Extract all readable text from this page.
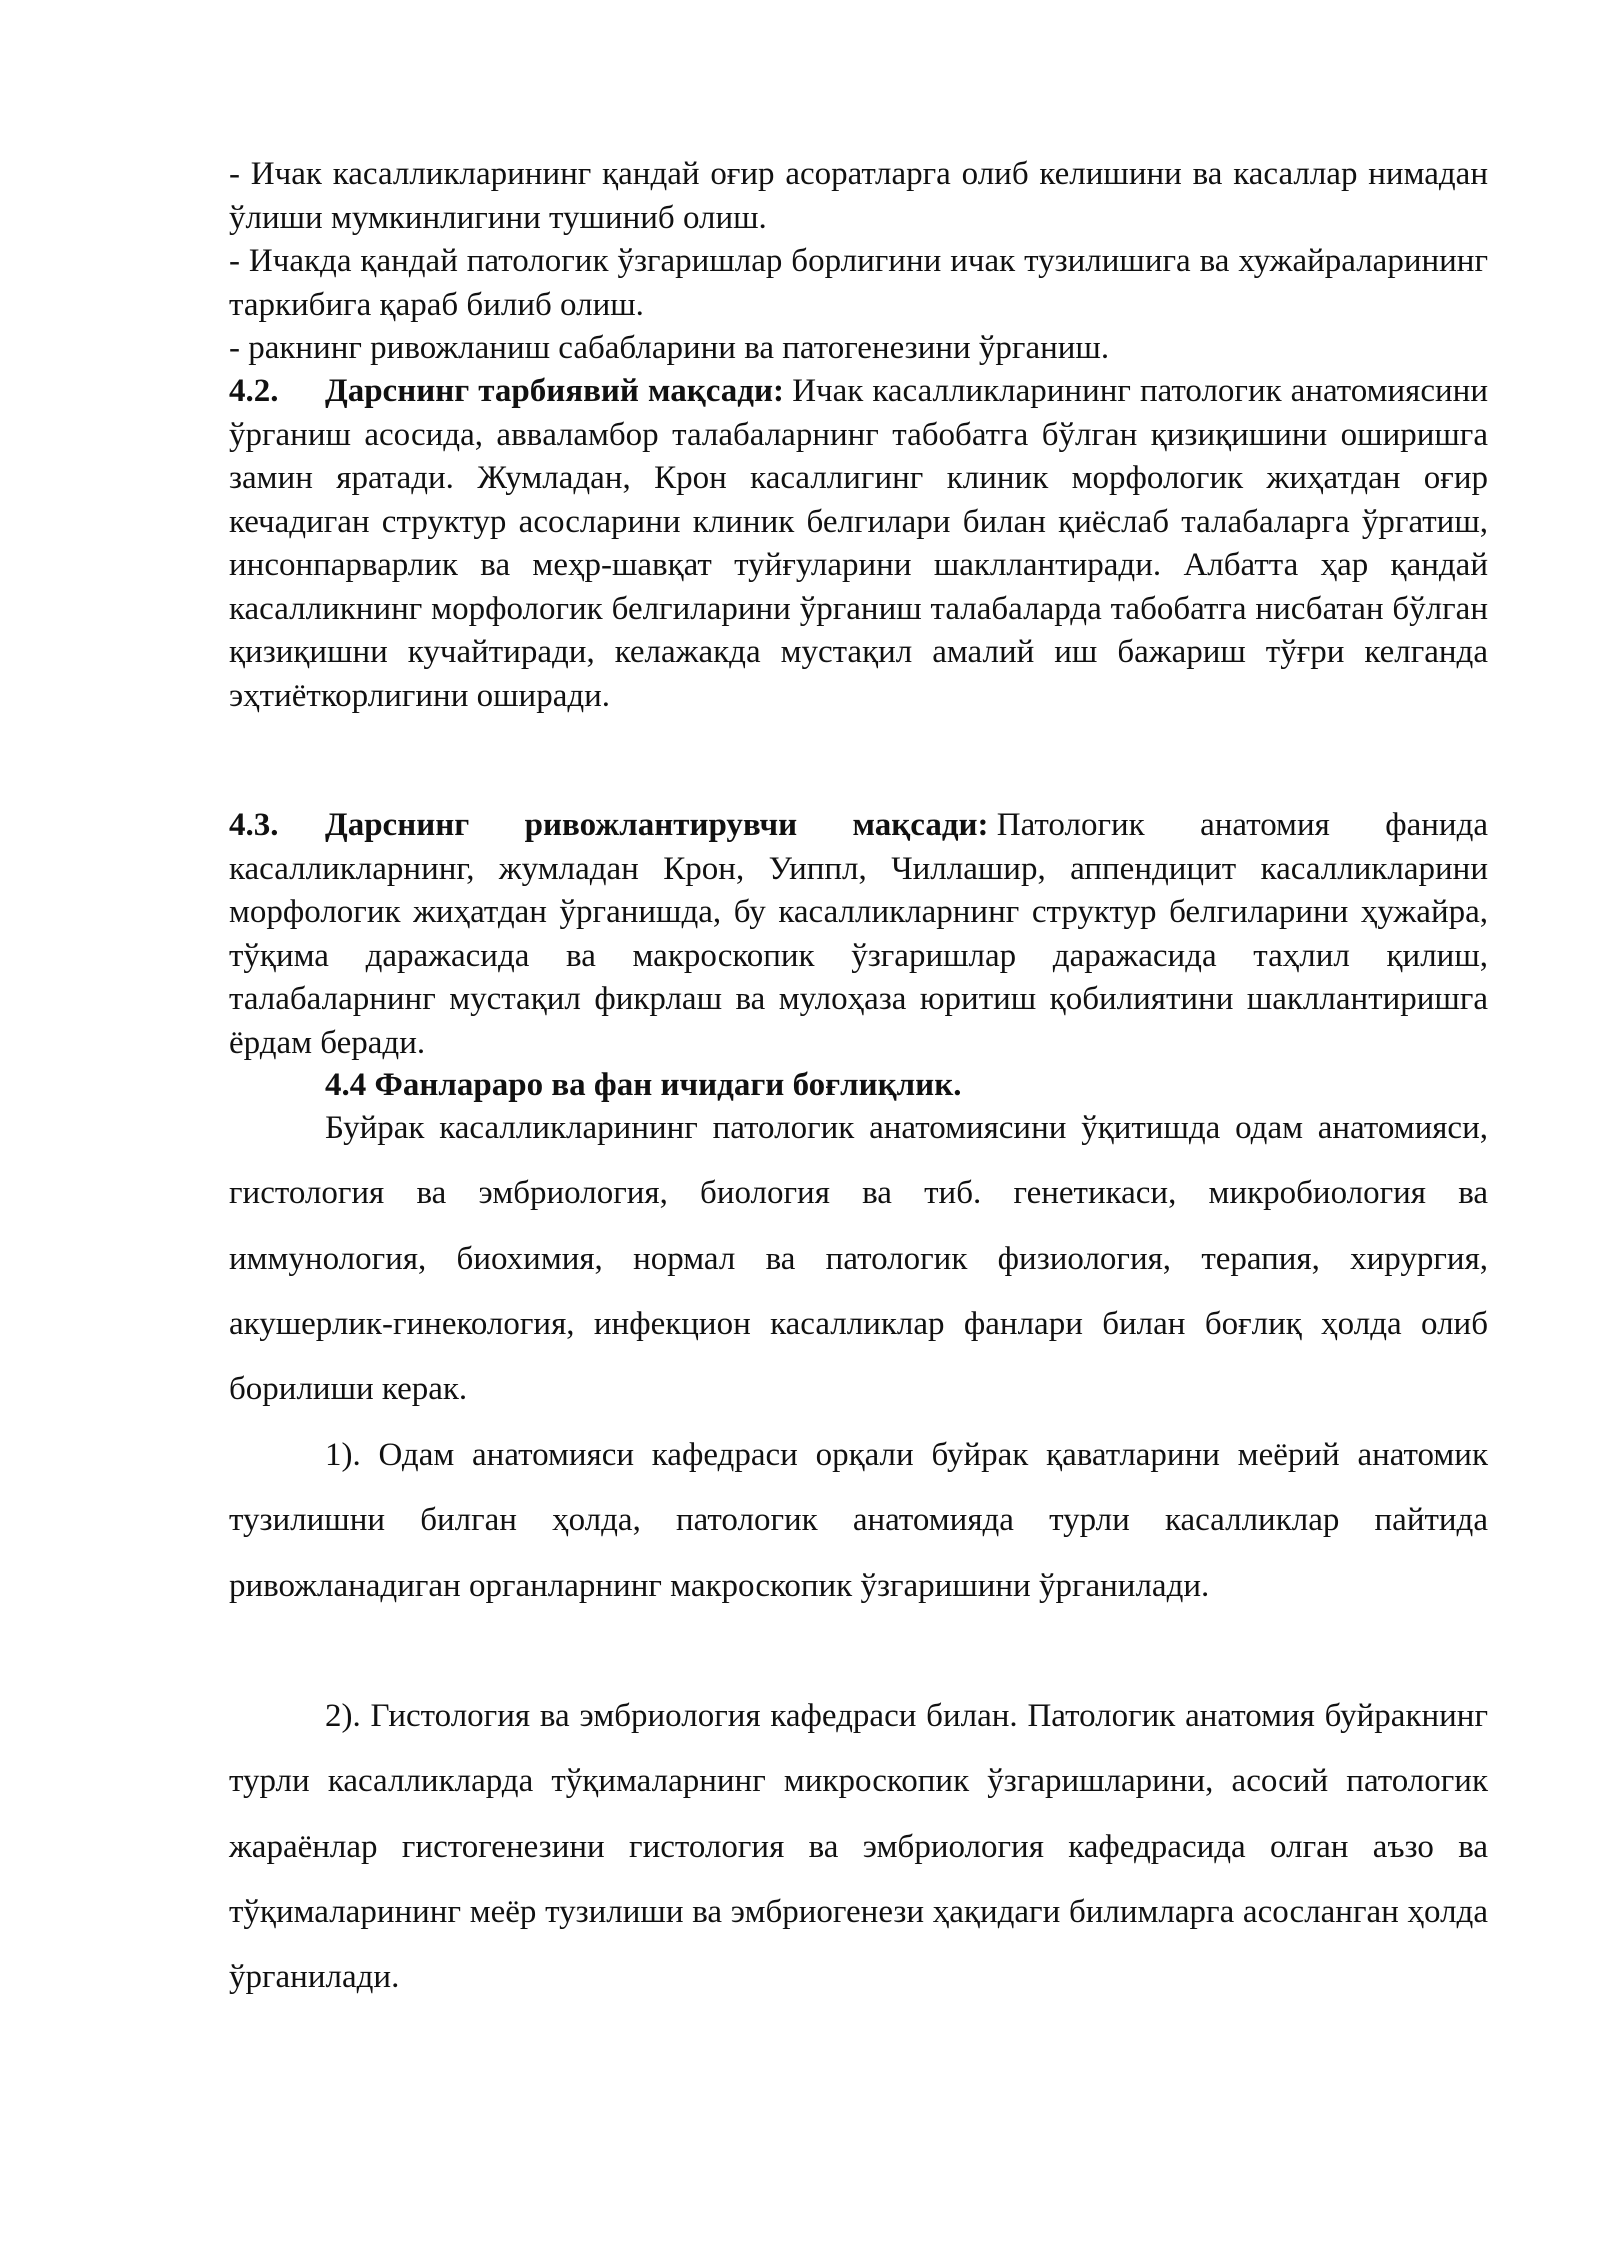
- Ичак касалликларининг қандай оғир асоратларга олиб келишини ва касаллар нимадан ўлиши мумкинлигини тушиниб олиш.

- Ичакда қандай патологик ўзгаришлар борлигини ичак тузилишига ва хужайраларининг таркибига қараб билиб олиш.

- ракнинг ривожланиш сабабларини ва патогенезини ўрганиш.

4.2. Дарснинг тарбиявий мақсади: Ичак касалликларининг патологик анатомиясини ўрганиш асосида, аввaламбор талабаларнинг табобатга бўлган қизиқишини оширишга замин яратади. Жумладан, Крон касаллигинг клиник морфологик жиҳатдан оғир кечадиган структур асосларини клиник белгилари билан қиёслаб талабаларга ўргатиш, инсонпарварлик ва меҳр-шавқат туйғуларини шакллантиради. Албатта ҳар қандай касалликнинг морфологик белгиларини ўрганиш талабаларда табобатга нисбатан бўлган қизиқишни кучайтиради, келажакда мустақил амалий иш бажариш тўғри келганда эҳтиёткорлигини оширади.

4.3. Дарснинг ривожлантирувчи мақсади: Патологик анатомия фанида касалликларнинг, жумладан Крон, Уиппл, Чиллашир, аппендицит касалликларини морфологик жиҳатдан ўрганишда, бу касалликларнинг структур белгиларини ҳужайра, тўқима даражасида ва макроскопик ўзгаришлар даражасида таҳлил қилиш, талабаларнинг мустақил фикрлаш ва мулоҳаза юритиш қобилиятини шакллантиришга ёрдам беради.

4.4 Фанлараро ва фан ичидаги боғлиқлик.

Буйрак касалликларининг патологик анатомиясини ўқитишда одам анатомияси, гистология ва эмбриология, биология ва тиб. генетикаси, микробиология ва иммунология, биохимия, нормал ва патологик физиология, терапия, хирургия, акушерлик-гинекология, инфекцион касалликлар фанлари билан боғлиқ ҳолда олиб борилиши керак.

1). Одам анатомияси кафедраси орқали буйрак қаватларини меёрий анатомик тузилишни билган ҳолда, патологик анатомияда турли касалликлар пайтида ривожланадиган органларнинг макроскопик ўзгаришини ўрганилади.

2). Гистология ва эмбриология кафедраси билан. Патологик анатомия буйракнинг турли касалликларда тўқималарнинг микроскопик ўзгаришларини, асосий патологик жараёнлар гистогенезини гистология ва эмбриология кафедрасида олган аъзо ва тўқималарининг меёр тузилиши ва эмбриогенези ҳақидаги билимларга асосланган ҳолда ўрганилади.
